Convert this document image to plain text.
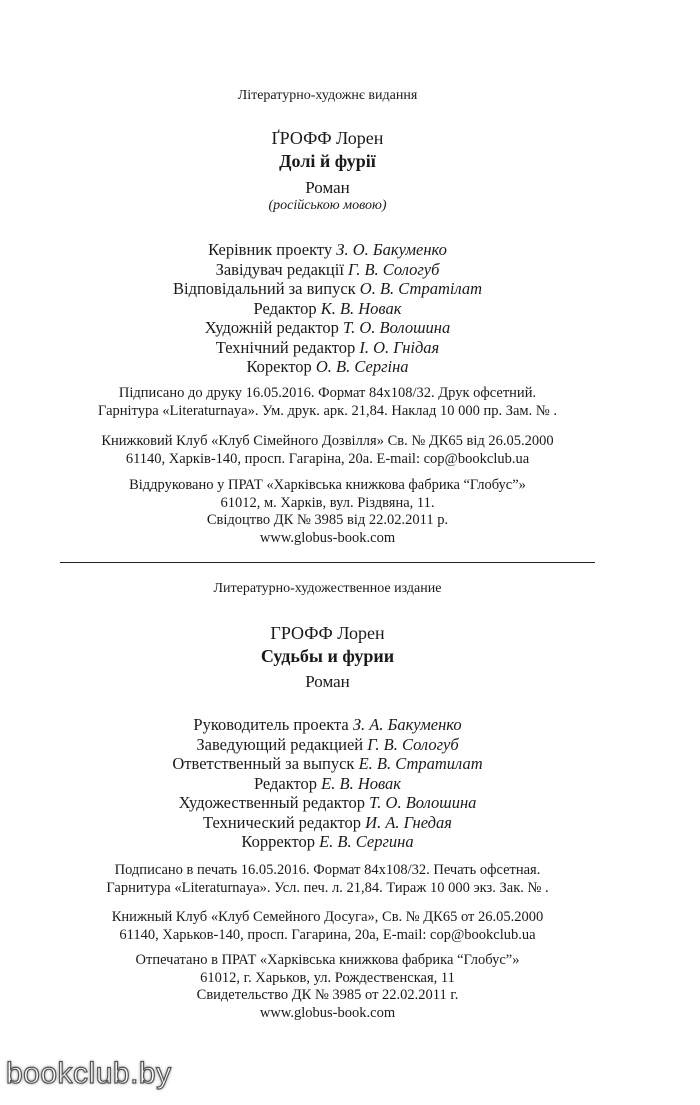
Літературно-художнє видання
ҐРОФФ Лорен
Долі й фурії
Роман
(російською мовою)
Керівник проекту З. О. Бакуменко
Завідувач редакції Г. В. Сологуб
Відповідальний за випуск О. В. Стратілат
Редактор К. В. Новак
Художній редактор Т. О. Волошина
Технічний редактор І. О. Гнідая
Коректор О. В. Сергіна
Підписано до друку 16.05.2016. Формат 84х108/32. Друк офсетний.
Гарнітура «Literaturnaya». Ум. друк. арк. 21,84. Наклад 10 000 пр. Зам. № .
Книжковий Клуб «Клуб Сімейного Дозвілля» Св. № ДК65 від 26.05.2000
61140, Харків-140, просп. Гагаріна, 20а. E-mail: cop@bookclub.ua
Віддруковано у ПРАТ «Харківська книжкова фабрика “Глобус”»
61012, м. Харків, вул. Різдвяна, 11.
Свідоцтво ДК № 3985 від 22.02.2011 р.
www.globus-book.com
Литературно-художественное издание
ГРОФФ Лорен
Судьбы и фурии
Роман
Руководитель проекта З. А. Бакуменко
Заведующий редакцией Г. В. Сологуб
Ответственный за выпуск Е. В. Стратилат
Редактор Е. В. Новак
Художественный редактор Т. О. Волошина
Технический редактор И. А. Гнедая
Корректор Е. В. Сергина
Подписано в печать 16.05.2016. Формат 84х108/32. Печать офсетная.
Гарнитура «Literaturnaya». Усл. печ. л. 21,84. Тираж 10 000 экз. Зак. № .
Книжный Клуб «Клуб Семейного Досуга», Св. № ДК65 от 26.05.2000
61140, Харьков-140, просп. Гагарина, 20а, E-mail: cop@bookclub.ua
Отпечатано в ПРАТ «Харківська книжкова фабрика “Глобус”»
61012, г. Харьков, ул. Рождественская, 11
Свидетельство ДК № 3985 от 22.02.2011 г.
www.globus-book.com
bookclub.by
